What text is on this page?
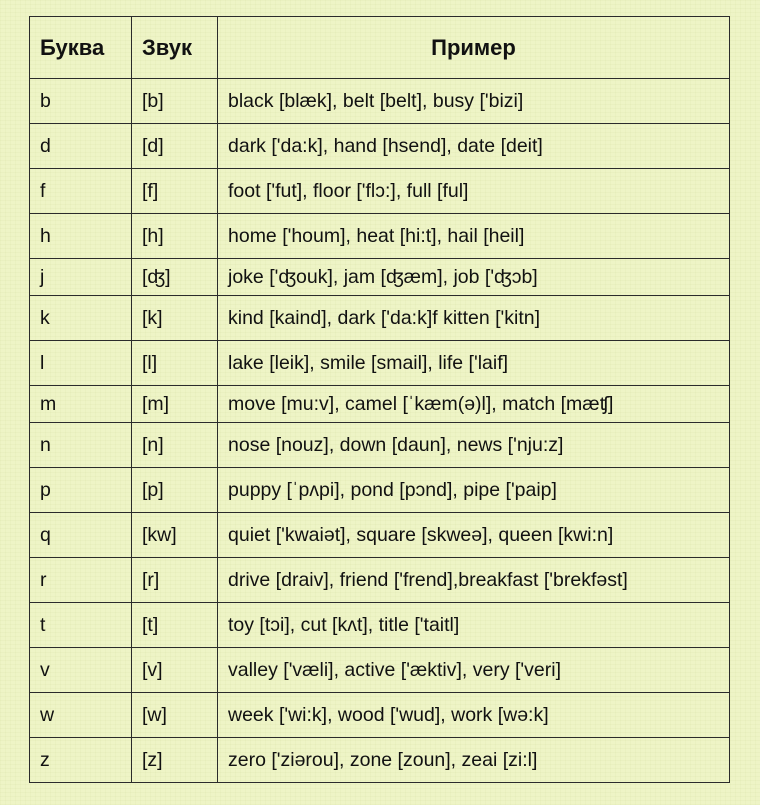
Буква	Звук	Пример
b	[b]	black [blæk], belt [belt], busy ['bizi]
d	[d]	dark ['da:k], hand [hsend], date [deit]
f	[f]	foot ['fut], floor ['flɔ:], full [ful]
h	[h]	home ['houm], heat [hi:t], hail [heil]
j	[ʤ]	joke ['ʤouk], jam [ʤæm], job ['ʤɔb]
k	[k]	kind [kaind], dark ['da:k]f kitten ['kitn]
l	[l]	lake [leik], smile [smail], life ['laif]
m	[m]	move [mu:v], camel [ˈkæm(ə)l], match [mæʧ]
n	[n]	nose [nouz], down [daun], news ['nju:z]
p	[p]	puppy [ˈpʌpi], pond [pɔnd], pipe ['paip]
q	[kw]	quiet ['kwaiət], square [skweə], queen [kwi:n]
r	[r]	drive [draiv], friend ['frend],breakfast ['brekfəst]
t	[t]	toy [tɔi], cut [kʌt], title ['taitl]
v	[v]	valley ['væli], active ['æktiv], very ['veri]
w	[w]	week ['wi:k], wood ['wud], work [wə:k]
z	[z]	zero ['ziərou], zone [zoun], zeai [zi:l]
